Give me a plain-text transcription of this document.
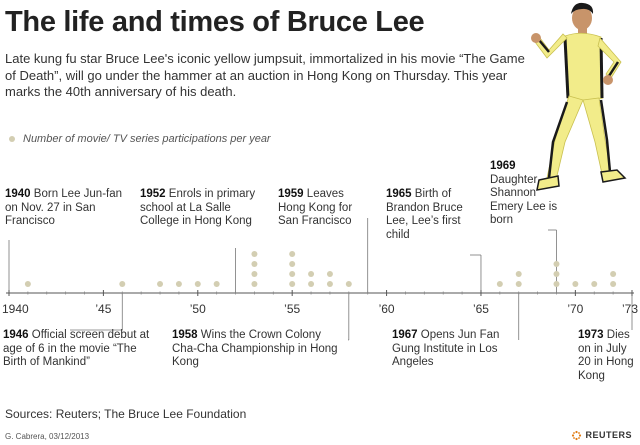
The life and times of Bruce Lee

Late kung fu star Bruce Lee's iconic yellow jumpsuit, immortalized in his movie “The Game of Death”, will go under the hammer at an auction in Hong Kong on Thursday. This year marks the 40th anniversary of his death.

Number of movie/ TV series participations per year
1940	’45	’50	’55	’60	’65	’70	’73
1940 Born Lee Jun-fan on Nov. 27 in San Francisco
1946 Official screen debut at age of 6 in the movie “The Birth of Mankind”
1952 Enrols in primary school at La Salle College in Hong Kong
1958 Wins the Crown Colony Cha-Cha Championship in Hong Kong
1959 Leaves Hong Kong for San Francisco
1965 Birth of Brandon Bruce Lee, Lee’s first child
1967 Opens Jun Fan Gung Institute in Los Angeles
1969 Daughter Shannon Emery Lee is born
1973 Dies on in July 20 in Hong Kong
Sources: Reuters; The Bruce Lee Foundation
G. Cabrera, 03/12/2013	REUTERS
